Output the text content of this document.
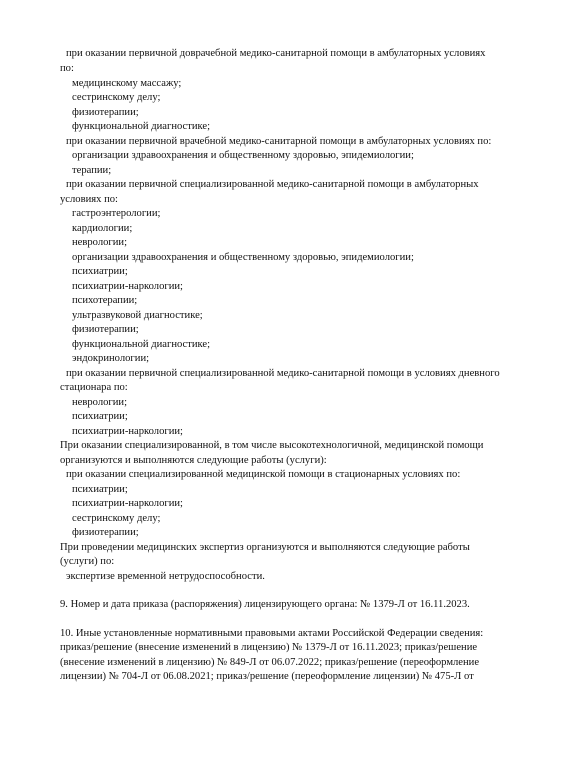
при оказании первичной доврачебной медико-санитарной помощи в амбулаторных условиях
по:
медицинскому массажу;
сестринскому делу;
физиотерапии;
функциональной диагностике;
при оказании первичной врачебной медико-санитарной помощи в амбулаторных условиях по:
организации здравоохранения и общественному здоровью, эпидемиологии;
терапии;
при оказании первичной специализированной медико-санитарной помощи в амбулаторных
условиях по:
гастроэнтерологии;
кардиологии;
неврологии;
организации здравоохранения и общественному здоровью, эпидемиологии;
психиатрии;
психиатрии-наркологии;
психотерапии;
ультразвуковой диагностике;
физиотерапии;
функциональной диагностике;
эндокринологии;
при оказании первичной специализированной медико-санитарной помощи в условиях дневного
стационара по:
неврологии;
психиатрии;
психиатрии-наркологии;
При оказании специализированной, в том числе высокотехнологичной, медицинской помощи
организуются и выполняются следующие работы (услуги):
при оказании специализированной медицинской помощи в стационарных условиях по:
психиатрии;
психиатрии-наркологии;
сестринскому делу;
физиотерапии;
При проведении медицинских экспертиз организуются и выполняются следующие работы
(услуги) по:
экспертизе временной нетрудоспособности.
9. Номер и дата приказа (распоряжения) лицензирующего органа: № 1379-Л от 16.11.2023.
10. Иные установленные нормативными правовыми актами Российской Федерации сведения:
приказ/решение (внесение изменений в лицензию) № 1379-Л от 16.11.2023; приказ/решение
(внесение изменений в лицензию) № 849-Л от 06.07.2022; приказ/решение (переоформление
лицензии) № 704-Л от 06.08.2021; приказ/решение (переоформление лицензии) № 475-Л от
